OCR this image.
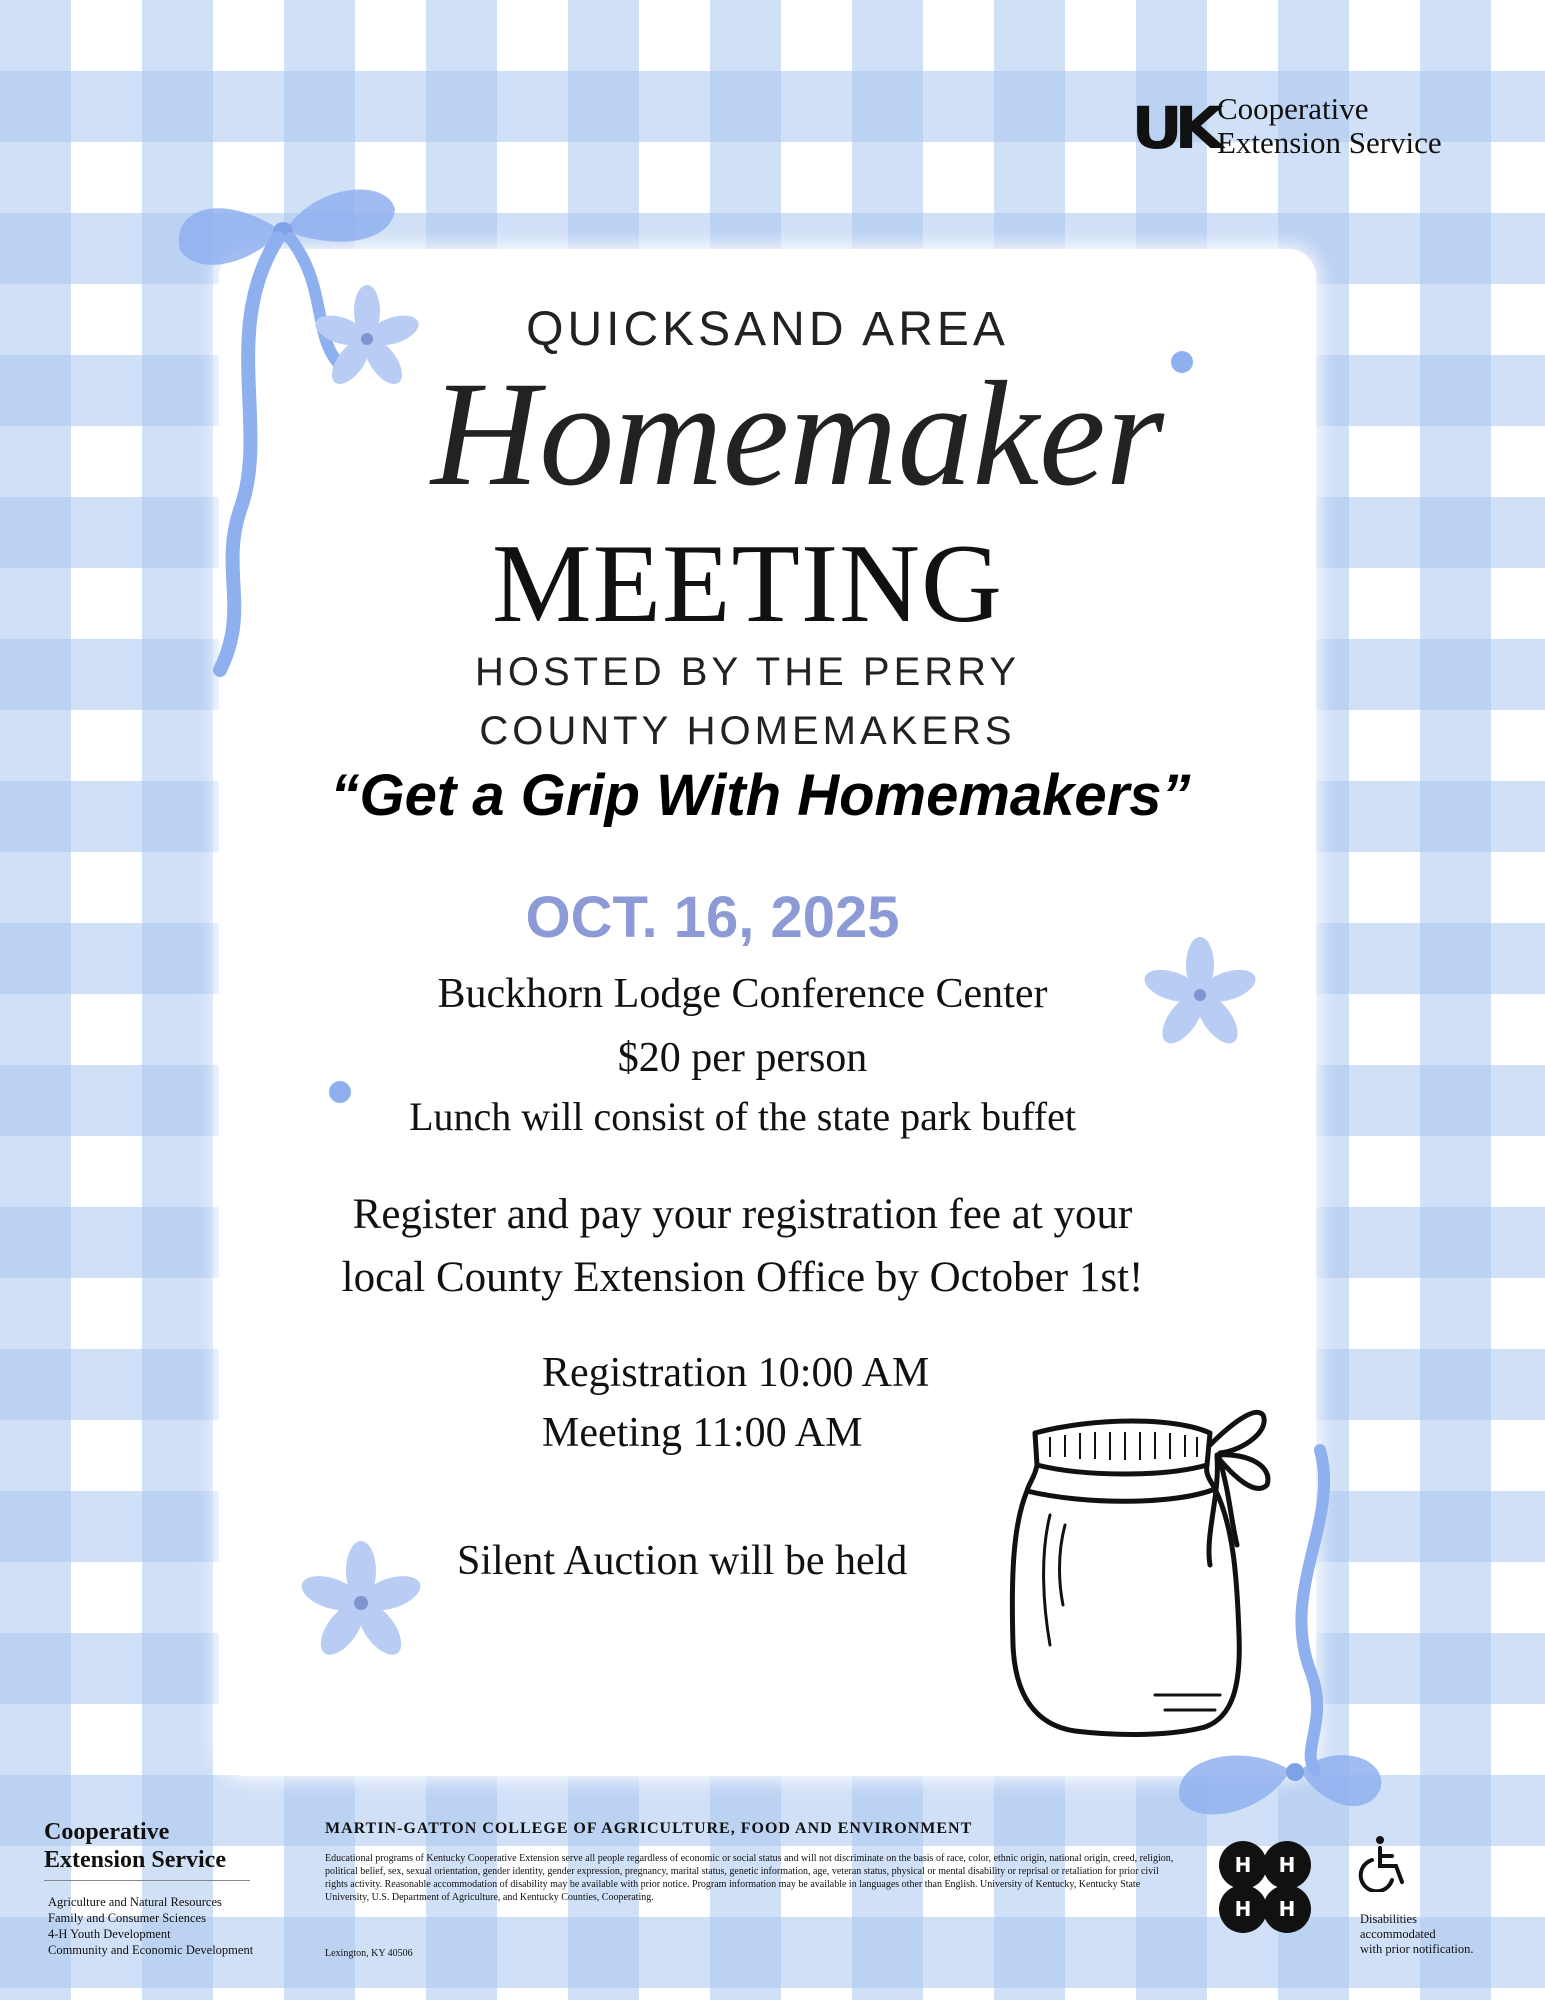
UK Cooperative
Extension Service
QUICKSAND AREA
Homemaker
MEETING
HOSTED BY THE PERRY
COUNTY HOMEMAKERS
“Get a Grip With Homemakers”
OCT. 16, 2025
Buckhorn Lodge Conference Center
$20 per person
Lunch will consist of the state park buffet
Register and pay your registration fee at your
local County Extension Office by October 1st!
Registration 10:00 AM
Meeting 11:00 AM
Silent Auction will be held
Cooperative
Extension Service
Agriculture and Natural Resources
Family and Consumer Sciences
4-H Youth Development
Community and Economic Development
MARTIN-GATTON COLLEGE OF AGRICULTURE, FOOD AND ENVIRONMENT
Educational programs of Kentucky Cooperative Extension serve all people regardless of economic or social status and will not discriminate on the basis of race, color, ethnic origin, national origin, creed, religion, political belief, sex, sexual orientation, gender identity, gender expression, pregnancy, marital status, genetic information, age, veteran status, physical or mental disability or reprisal or retaliation for prior civil rights activity. Reasonable accommodation of disability may be available with prior notice. Program information may be available in languages other than English. University of Kentucky, Kentucky State University, U.S. Department of Agriculture, and Kentucky Counties, Cooperating.
Lexington, KY 40506
H H
H H	Disabilities
accommodated
with prior notification.
